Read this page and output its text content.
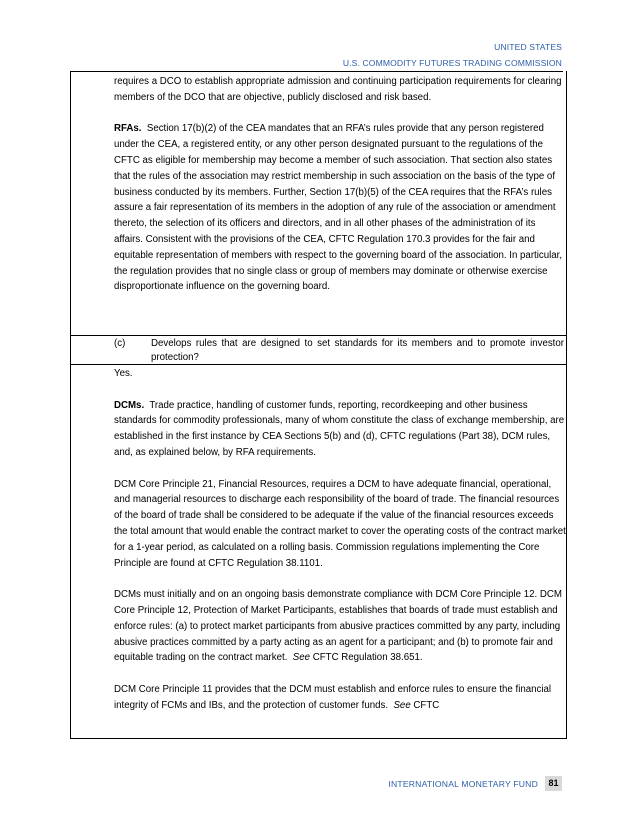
UNITED STATES
U.S. COMMODITY FUTURES TRADING COMMISSION

requires a DCO to establish appropriate admission and continuing participation requirements for clearing members of the DCO that are objective, publicly disclosed and risk based.

RFAs. Section 17(b)(2) of the CEA mandates that an RFA’s rules provide that any person registered under the CEA, a registered entity, or any other person designated pursuant to the regulations of the CFTC as eligible for membership may become a member of such association. That section also states that the rules of the association may restrict membership in such association on the basis of the type of business conducted by its members. Further, Section 17(b)(5) of the CEA requires that the RFA’s rules assure a fair representation of its members in the adoption of any rule of the association or amendment thereto, the selection of its officers and directors, and in all other phases of the administration of its affairs. Consistent with the provisions of the CEA, CFTC Regulation 170.3 provides for the fair and equitable representation of members with respect to the governing board of the association. In particular, the regulation provides that no single class or group of members may dominate or otherwise exercise disproportionate influence on the governing board.

(c)	Develops rules that are designed to set standards for its members and to promote investor protection?

Yes.

DCMs. Trade practice, handling of customer funds, reporting, recordkeeping and other business standards for commodity professionals, many of whom constitute the class of exchange membership, are established in the first instance by CEA Sections 5(b) and (d), CFTC regulations (Part 38), DCM rules, and, as explained below, by RFA requirements.

DCM Core Principle 21, Financial Resources, requires a DCM to have adequate financial, operational, and managerial resources to discharge each responsibility of the board of trade. The financial resources of the board of trade shall be considered to be adequate if the value of the financial resources exceeds the total amount that would enable the contract market to cover the operating costs of the contract market for a 1-year period, as calculated on a rolling basis. Commission regulations implementing the Core Principle are found at CFTC Regulation 38.1101.

DCMs must initially and on an ongoing basis demonstrate compliance with DCM Core Principle 12. DCM Core Principle 12, Protection of Market Participants, establishes that boards of trade must establish and enforce rules: (a) to protect market participants from abusive practices committed by any party, including abusive practices committed by a party acting as an agent for a participant; and (b) to promote fair and equitable trading on the contract market. See CFTC Regulation 38.651.

DCM Core Principle 11 provides that the DCM must establish and enforce rules to ensure the financial integrity of FCMs and IBs, and the protection of customer funds. See CFTC

INTERNATIONAL MONETARY FUND	81
